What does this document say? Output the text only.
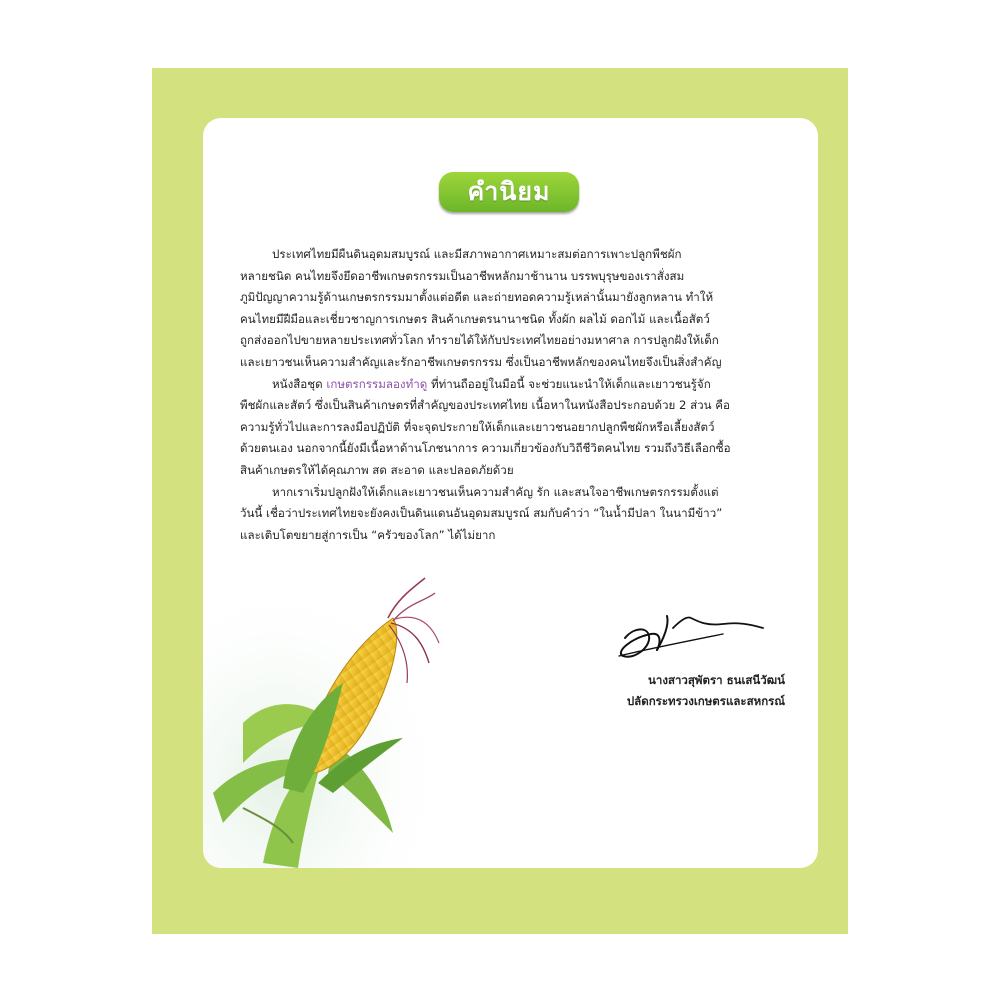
คำนิยม

ประเทศไทยมีผืนดินอุดมสมบูรณ์ และมีสภาพอากาศเหมาะสมต่อการเพาะปลูกพืชผัก
หลายชนิด คนไทยจึงยึดอาชีพเกษตรกรรมเป็นอาชีพหลักมาช้านาน บรรพบุรุษของเราสั่งสม
ภูมิปัญญาความรู้ด้านเกษตรกรรมมาตั้งแต่อดีต และถ่ายทอดความรู้เหล่านั้นมายังลูกหลาน ทำให้
คนไทยมีฝีมือและเชี่ยวชาญการเกษตร สินค้าเกษตรนานาชนิด ทั้งผัก ผลไม้ ดอกไม้ และเนื้อสัตว์
ถูกส่งออกไปขายหลายประเทศทั่วโลก ทำรายได้ให้กับประเทศไทยอย่างมหาศาล การปลูกฝังให้เด็ก
และเยาวชนเห็นความสำคัญและรักอาชีพเกษตรกรรม ซึ่งเป็นอาชีพหลักของคนไทยจึงเป็นสิ่งสำคัญ

หนังสือชุด เกษตรกรรมลองทำดู ที่ท่านถืออยู่ในมือนี้ จะช่วยแนะนำให้เด็กและเยาวชนรู้จัก
พืชผักและสัตว์ ซึ่งเป็นสินค้าเกษตรที่สำคัญของประเทศไทย เนื้อหาในหนังสือประกอบด้วย 2 ส่วน คือ
ความรู้ทั่วไปและการลงมือปฏิบัติ ที่จะจุดประกายให้เด็กและเยาวชนอยากปลูกพืชผักหรือเลี้ยงสัตว์
ด้วยตนเอง นอกจากนี้ยังมีเนื้อหาด้านโภชนาการ ความเกี่ยวข้องกับวิถีชีวิตคนไทย รวมถึงวิธีเลือกซื้อ
สินค้าเกษตรให้ได้คุณภาพ สด สะอาด และปลอดภัยด้วย

หากเราเริ่มปลูกฝังให้เด็กและเยาวชนเห็นความสำคัญ รัก และสนใจอาชีพเกษตรกรรมตั้งแต่
วันนี้ เชื่อว่าประเทศไทยจะยังคงเป็นดินแดนอันอุดมสมบูรณ์ สมกับคำว่า “ในน้ำมีปลา ในนามีข้าว”
และเติบโตขยายสู่การเป็น “ครัวของโลก” ได้ไม่ยาก

นางสาวสุพัตรา ธนเสนีวัฒน์
ปลัดกระทรวงเกษตรและสหกรณ์
